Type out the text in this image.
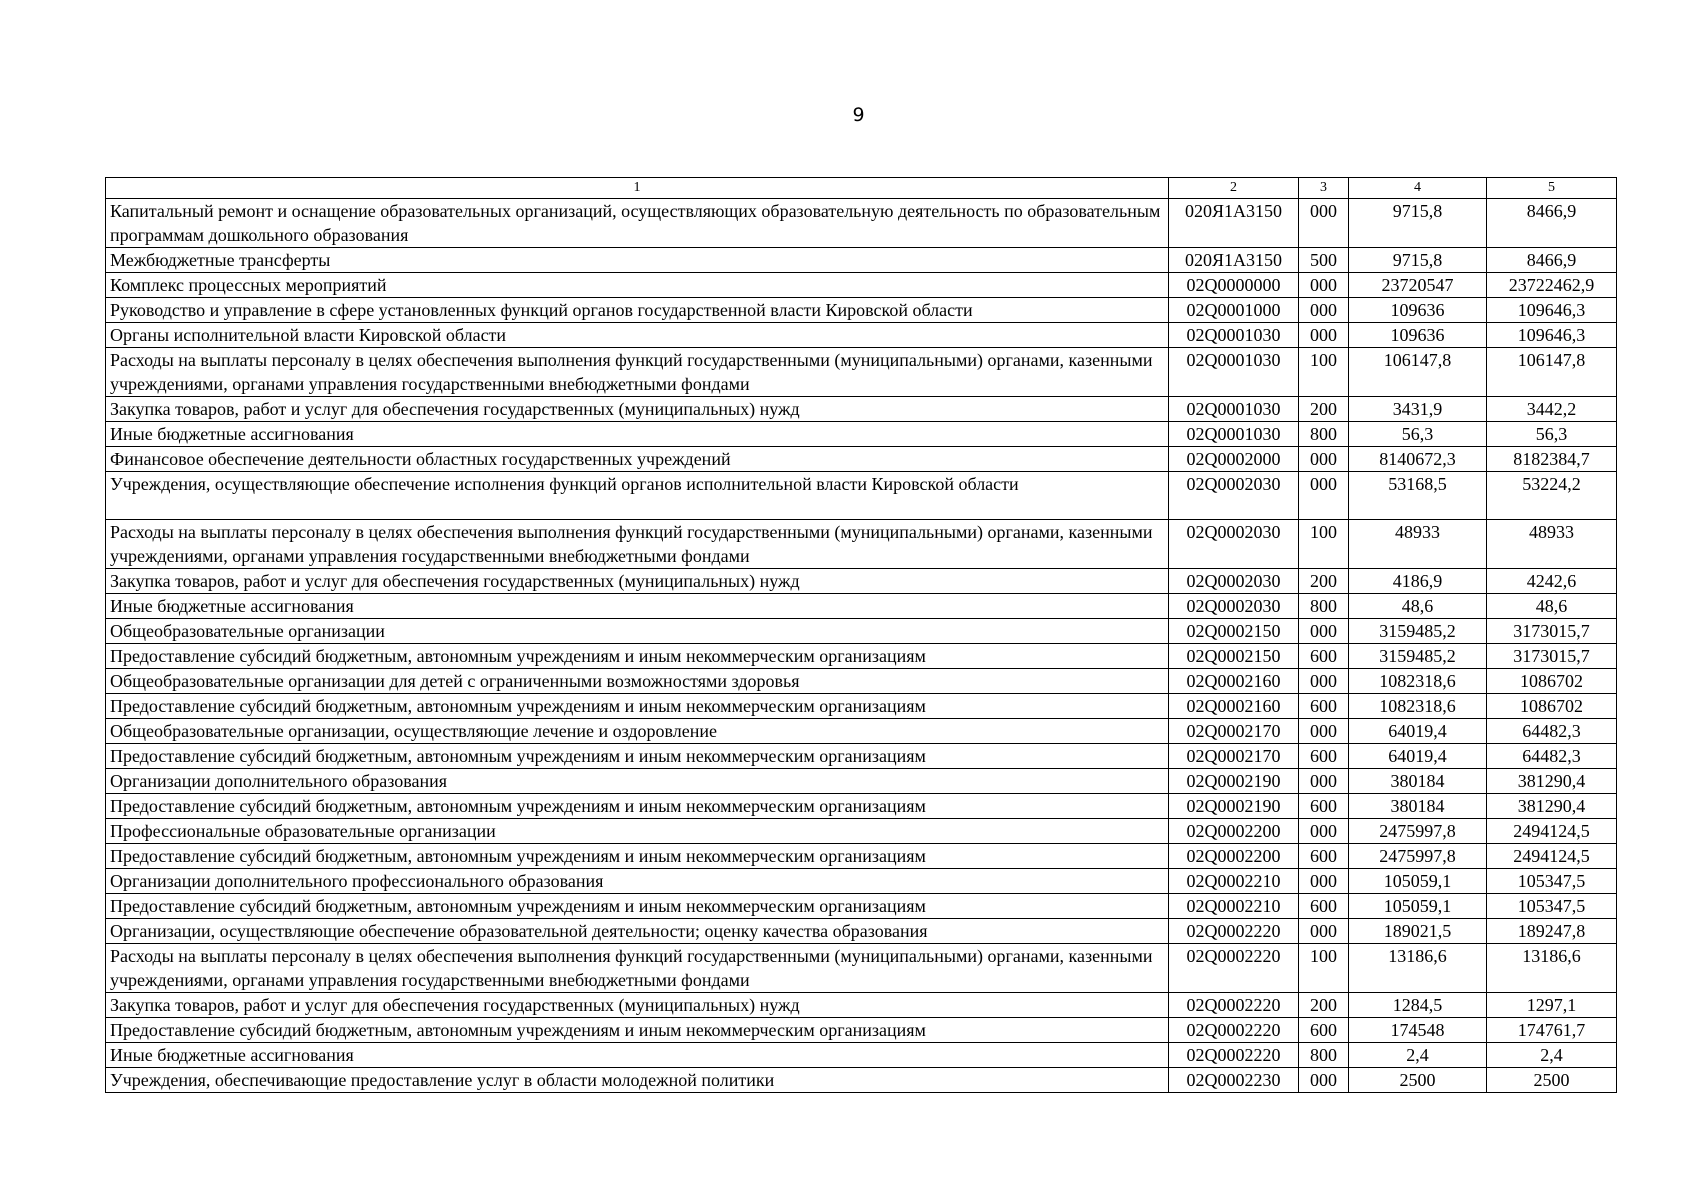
9
1	2	3	4	5
Капитальный ремонт и оснащение образовательных организаций, осуществляющих образовательную деятельность по образовательным программам дошкольного образования	020Я1А3150	000	9715,8	8466,9
Межбюджетные трансферты	020Я1А3150	500	9715,8	8466,9
Комплекс процессных мероприятий	02Q0000000	000	23720547	23722462,9
Руководство и управление в сфере установленных функций органов государственной власти Кировской области	02Q0001000	000	109636	109646,3
Органы исполнительной власти Кировской области	02Q0001030	000	109636	109646,3
Расходы на выплаты персоналу в целях обеспечения выполнения функций государственными (муниципальными) органами, казенными учреждениями, органами управления государственными внебюджетными фондами	02Q0001030	100	106147,8	106147,8
Закупка товаров, работ и услуг для обеспечения государственных (муниципальных) нужд	02Q0001030	200	3431,9	3442,2
Иные бюджетные ассигнования	02Q0001030	800	56,3	56,3
Финансовое обеспечение деятельности областных государственных учреждений	02Q0002000	000	8140672,3	8182384,7
Учреждения, осуществляющие обеспечение исполнения функций органов исполнительной власти Кировской области	02Q0002030	000	53168,5	53224,2
Расходы на выплаты персоналу в целях обеспечения выполнения функций государственными (муниципальными) органами, казенными учреждениями, органами управления государственными внебюджетными фондами	02Q0002030	100	48933	48933
Закупка товаров, работ и услуг для обеспечения государственных (муниципальных) нужд	02Q0002030	200	4186,9	4242,6
Иные бюджетные ассигнования	02Q0002030	800	48,6	48,6
Общеобразовательные организации	02Q0002150	000	3159485,2	3173015,7
Предоставление субсидий бюджетным, автономным учреждениям и иным некоммерческим организациям	02Q0002150	600	3159485,2	3173015,7
Общеобразовательные организации для детей с ограниченными возможностями здоровья	02Q0002160	000	1082318,6	1086702
Предоставление субсидий бюджетным, автономным учреждениям и иным некоммерческим организациям	02Q0002160	600	1082318,6	1086702
Общеобразовательные организации, осуществляющие лечение и оздоровление	02Q0002170	000	64019,4	64482,3
Предоставление субсидий бюджетным, автономным учреждениям и иным некоммерческим организациям	02Q0002170	600	64019,4	64482,3
Организации дополнительного образования	02Q0002190	000	380184	381290,4
Предоставление субсидий бюджетным, автономным учреждениям и иным некоммерческим организациям	02Q0002190	600	380184	381290,4
Профессиональные образовательные организации	02Q0002200	000	2475997,8	2494124,5
Предоставление субсидий бюджетным, автономным учреждениям и иным некоммерческим организациям	02Q0002200	600	2475997,8	2494124,5
Организации дополнительного профессионального образования	02Q0002210	000	105059,1	105347,5
Предоставление субсидий бюджетным, автономным учреждениям и иным некоммерческим организациям	02Q0002210	600	105059,1	105347,5
Организации, осуществляющие обеспечение образовательной деятельности; оценку качества образования	02Q0002220	000	189021,5	189247,8
Расходы на выплаты персоналу в целях обеспечения выполнения функций государственными (муниципальными) органами, казенными учреждениями, органами управления государственными внебюджетными фондами	02Q0002220	100	13186,6	13186,6
Закупка товаров, работ и услуг для обеспечения государственных (муниципальных) нужд	02Q0002220	200	1284,5	1297,1
Предоставление субсидий бюджетным, автономным учреждениям и иным некоммерческим организациям	02Q0002220	600	174548	174761,7
Иные бюджетные ассигнования	02Q0002220	800	2,4	2,4
Учреждения, обеспечивающие предоставление услуг в области молодежной политики	02Q0002230	000	2500	2500
